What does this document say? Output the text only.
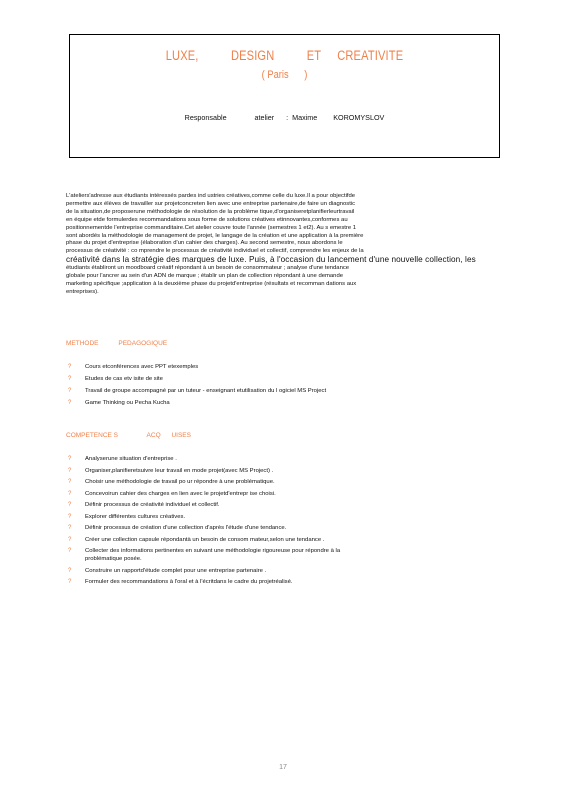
LUXE,          DESIGN          ET     CREATIVITE
( Paris      )
Responsable              atelier      :  Maxime        KOROMYSLOV
L'ateliers'adresse aux étudiants intéressés pardes ind ustries créatives,comme celle du luxe.Il a pour objectifde
permettre aux élèves de travailler sur projetconcreten lien avec une entreprise partenaire,de faire un diagnostic
de la situation,de proposerune méthodologie de résolution de la problème tique,d'organiseretplanifierleurtravail
en équipe etde formulerdes recommandations sous forme de solutions créatives etinnovantes,conformes au
positionnementde l'entreprise commanditaire.Cet atelier couvre toute l'année (semestres 1 et2). Au s emestre 1
sont abordés la méthodologie de management de projet, le langage de la création et une application à la première
phase du projet d'entreprise (élaboration d'un cahier des charges). Au second semestre, nous abordons le
processus de créativité : co mprendre le processus de créativité individuel et collectif, comprendre les enjeux de la
créativité dans la stratégie des marques de luxe. Puis, à l'occasion du lancement d'une nouvelle collection, les
étudiants établiront un moodboard créatif répondant à un besoin de consommateur ; analyse d'une tendance
globale pour l'ancrer au sein d'un ADN de marque ; établir un plan de collection répondant à une demande
marketing spécifique ;application à la deuxième phase du projetd'entreprise (résultats et recomman dations aux
entreprises).
METHODE           PEDAGOGIQUE
? Cours etconférences avec PPT etexemples
? Etudes de cas etv isite de site
? Travail de groupe accompagné par un tuteur - enseignant etutilisation du l ogiciel MS Project
? Game Thinking ou Pecha Kucha
COMPETENCE S                ACQ      UISES
? Analyserune situation d'entreprise .
? Organiser,planifieretsuivre leur travail en mode projet(avec MS Project) .
? Choisir une méthodologie de travail po ur répondre à une problématique.
? Concevoirun cahier des charges en lien avec le projetd'entrepr ise choisi.
? Définir processus de créativité individuel et collectif.
? Explorer différentes cultures créatives.
? Définir processus de création d'une collection d'après l'étude d'une tendance.
? Créer une collection capsule répondantà un besoin de consom mateur,selon une tendance .
? Collecter des informations pertinentes en suivant une méthodologie rigoureuse pour répondre à la
problématique posée.
? Construire un rapportd'étude complet pour une entreprise partenaire .
? Formuler des recommandations à l'oral et à l'écritdans le cadre du projetréalisé.
17
